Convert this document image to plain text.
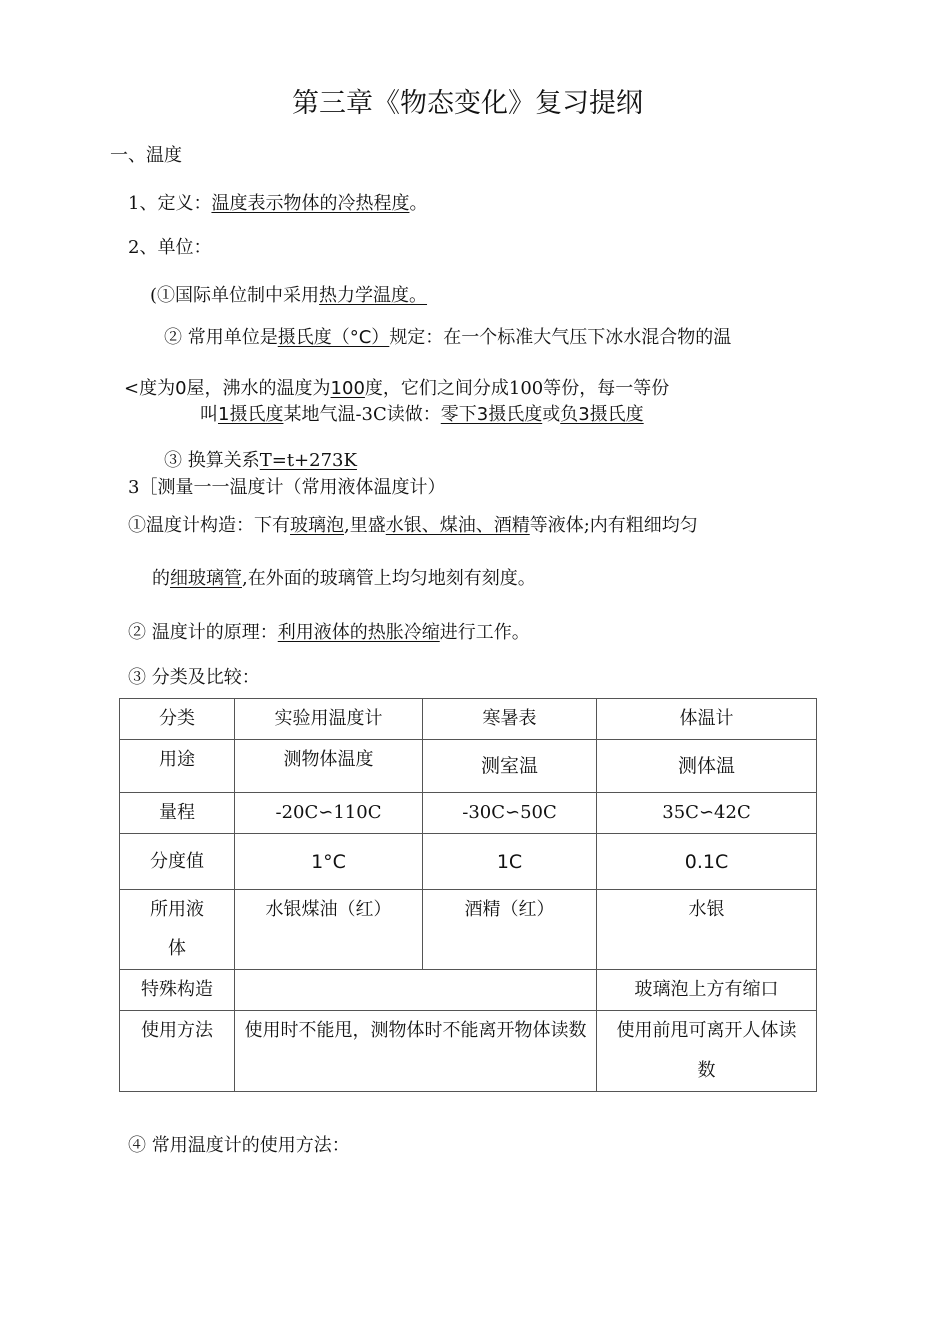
第三章《物态变化》复习提纲
一、温度
1、定义：温度表示物体的冷热程度。
2、单位：
(①国际单位制中采用热力学温度。
② 常用单位是摄氏度（°C）规定：在一个标准大气压下冰水混合物的温
<度为0屋，沸水的温度为100度，它们之间分成100等份，每一等份
叫1摄氏度某地气温-3C读做：零下3摄氏度或负3摄氏度
③ 换算关系T=t+273K
3［测量一一温度计（常用液体温度计）
①温度计构造：下有玻璃泡,里盛水银、煤油、酒精等液体;内有粗细均匀
的细玻璃管,在外面的玻璃管上均匀地刻有刻度。
② 温度计的原理：利用液体的热胀冷缩进行工作。
③ 分类及比较：
分类	实验用温度计	寒暑表	体温计
用途	测物体温度	测室温	测体温
量程	-20C∽110C	-30C∽50C	35C∽42C
分度值	1°C	1C	0.1C
所用液体	水银煤油（红）	酒精（红）	水银
特殊构造			玻璃泡上方有缩口
使用方法	使用时不能甩，测物体时不能离开物体读数		使用前甩可离开人体读数
④ 常用温度计的使用方法：
